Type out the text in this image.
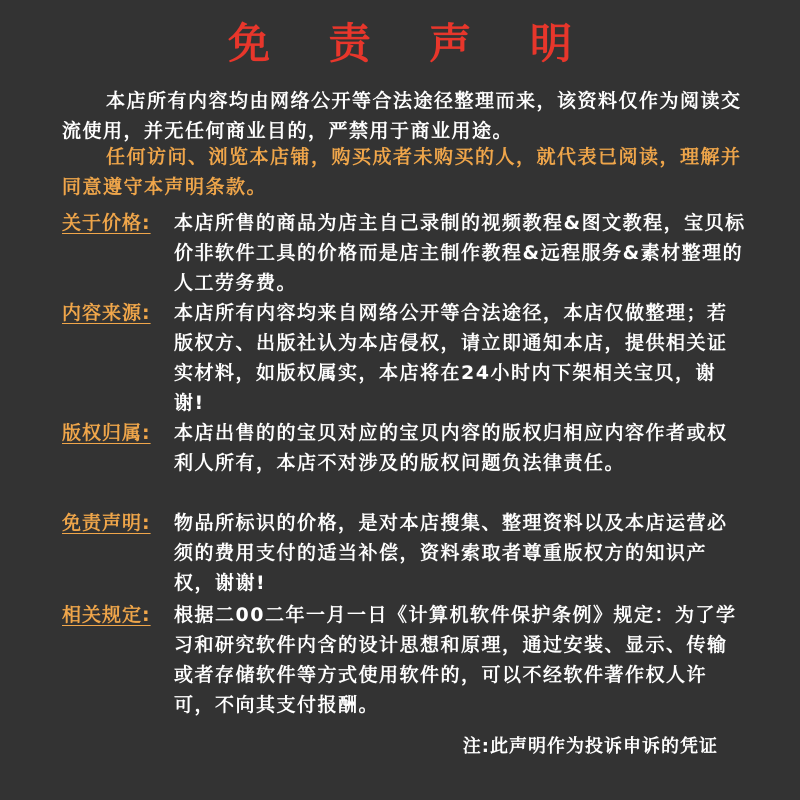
免 责 声 明

本店所有内容均由网络公开等合法途径整理而来，该资料仅作为阅读交流使用，并无任何商业目的，严禁用于商业用途。

任何访问、浏览本店铺，购买成者未购买的人，就代表已阅读，理解并同意遵守本声明条款。

关于价格: 本店所售的商品为店主自己录制的视频教程&图文教程，宝贝标价非软件工具的价格而是店主制作教程&远程服务&素材整理的人工劳务费。
内容来源: 本店所有内容均来自网络公开等合法途径，本店仅做整理；若版权方、出版社认为本店侵权，请立即通知本店，提供相关证实材料，如版权属实，本店将在24小时内下架相关宝贝，谢谢!
版权归属: 本店出售的的宝贝对应的宝贝内容的版权归相应内容作者或权利人所有，本店不对涉及的版权问题负法律责任。
免责声明: 物品所标识的价格，是对本店搜集、整理资料以及本店运营必须的费用支付的适当补偿，资料索取者尊重版权方的知识产权，谢谢!
相关规定: 根据二00二年一月一日《计算机软件保护条例》规定：为了学习和研究软件内含的设计思想和原理，通过安装、显示、传输或者存储软件等方式使用软件的，可以不经软件著作权人许可，不向其支付报酬。
注:此声明作为投诉申诉的凭证
